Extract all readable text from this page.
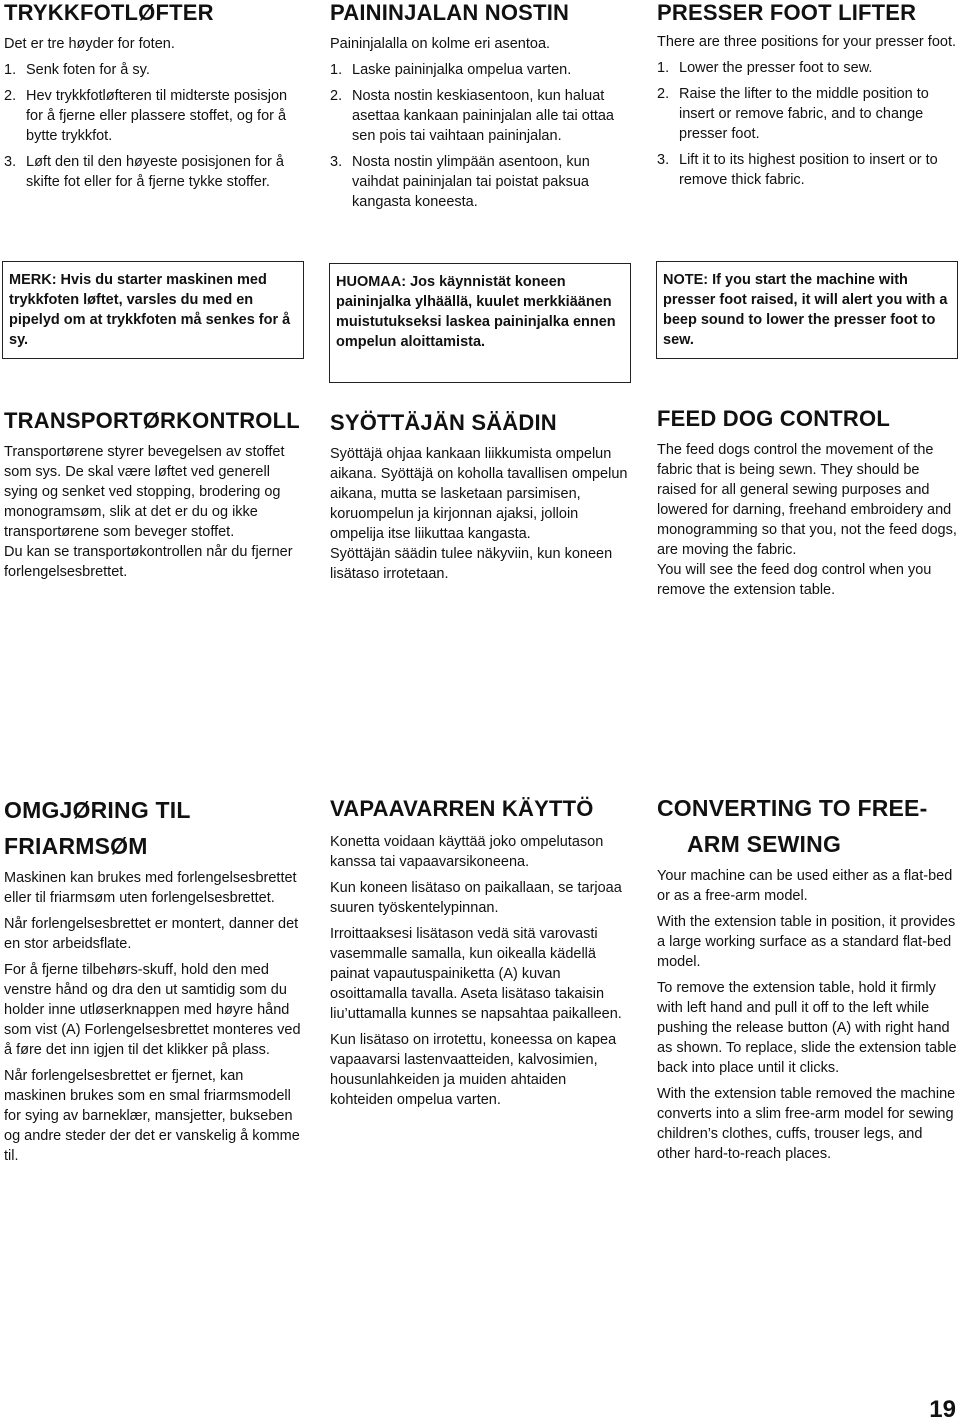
TRYKKFOTLØFTER

Det er tre høyder for foten.

1. Senk foten for å sy.
2. Hev trykkfotløfteren til midterste posisjon for å fjerne eller plassere stoffet, og for å bytte trykkfot.
3. Løft den til den høyeste posisjonen for å skifte fot eller for å fjerne tykke stoffer.
MERK: Hvis du starter maskinen med trykkfoten løftet, varsles du med en pipelyd om at trykkfoten må senkes for å sy.
TRANSPORTØRKONTROLL

Transportørene styrer bevegelsen av stoffet som sys. De skal være løftet ved generell sying og senket ved stopping, brodering og monogramsøm, slik at det er du og ikke transportørene som beveger stoffet.

Du kan se transportøkontrollen når du fjerner forlengelsesbrettet.

OMGJØRING TIL
FRIARMSØM

Maskinen kan brukes med forlengelsesbrettet eller til friarmsøm uten forlengelsesbrettet.

Når forlengelsesbrettet er montert, danner det en stor arbeidsflate.

For å fjerne tilbehørs-skuff, hold den med venstre hånd og dra den ut samtidig som du holder inne utløserknappen med høyre hånd som vist (A) Forlengelsesbrettet monteres ved å føre det inn igjen til det klikker på plass.

Når forlengelsesbrettet er fjernet, kan maskinen brukes som en smal friarmsmodell for sying av barneklær, mansjetter, bukseben og andre steder der det er vanskelig å komme til.

PAININJALAN NOSTIN

Paininjalalla on kolme eri asentoa.

1. Laske paininjalka ompelua varten.
2. Nosta nostin keskiasentoon, kun haluat asettaa kankaan paininjalan alle tai ottaa sen pois tai vaihtaan paininjalan.
3. Nosta nostin ylimpään asentoon, kun vaihdat paininjalan tai poistat paksua kangasta koneesta.
HUOMAA: Jos käynnistät koneen paininjalka ylhäällä, kuulet merkkiäänen muistutukseksi laskea paininjalka ennen ompelun aloittamista.
SYÖTTÄJÄN SÄÄDIN

Syöttäjä ohjaa kankaan liikkumista ompelun aikana. Syöttäjä on koholla tavallisen ompelun aikana, mutta se lasketaan parsimisen, koruompelun ja kirjonnan ajaksi, jolloin ompelija itse liikuttaa kangasta.

Syöttäjän säädin tulee näkyviin, kun koneen lisätaso irrotetaan.

VAPAAVARREN KÄYTTÖ

Konetta voidaan käyttää joko ompelutason kanssa tai vapaavarsikoneena.

Kun koneen lisätaso on paikallaan, se tarjoaa suuren työskentelypinnan.

Irroittaaksesi lisätason vedä sitä varovasti vasemmalle samalla, kun oikealla kädellä painat vapautuspainiketta (A) kuvan osoittamalla tavalla. Aseta lisätaso takaisin liu’uttamalla kunnes se napsahtaa paikalleen.

Kun lisätaso on irrotettu, koneessa on kapea vapaavarsi lastenvaatteiden, kalvosimien, housunlahkeiden ja muiden ahtaiden kohteiden ompelua varten.

PRESSER FOOT LIFTER

There are three positions for your presser foot.

1. Lower the presser foot to sew.
2. Raise the lifter to the middle position to insert or remove fabric, and to change presser foot.
3. Lift it to its highest position to insert or to remove thick fabric.
NOTE: If you start the machine with presser foot raised, it will alert you with a beep sound to lower the presser foot to sew.
FEED DOG CONTROL

The feed dogs control the movement of the fabric that is being sewn. They should be raised for all general sewing purposes and lowered for darning, freehand embroidery and monogramming so that you, not the feed dogs, are moving the fabric.

You will see the feed dog control when you remove the extension table.

CONVERTING TO FREE-
ARM SEWING

Your machine can be used either as a flat-bed or as a free-arm model.

With the extension table in position, it provides a large working surface as a standard flat-bed model.

To remove the extension table, hold it firmly with left hand and pull it off to the left while pushing the release button (A) with right hand as shown. To replace, slide the extension table back into place until it clicks.

With the extension table removed the machine converts into a slim free-arm model for sewing children’s clothes, cuffs, trouser legs, and other hard-to-reach places.

19
